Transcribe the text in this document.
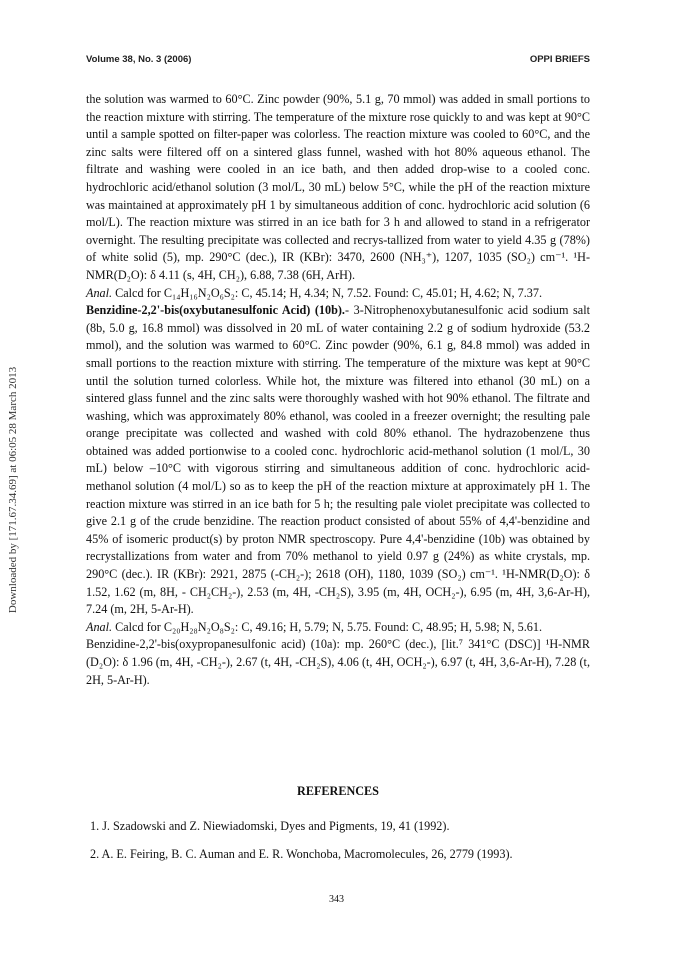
Volume 38, No. 3 (2006)	OPPI BRIEFS
Downloaded by [171.67.34.69] at 06:05 28 March 2013

the solution was warmed to 60°C. Zinc powder (90%, 5.1 g, 70 mmol) was added in small portions to the reaction mixture with stirring. The temperature of the mixture rose quickly to and was kept at 90°C until a sample spotted on filter-paper was colorless. The reaction mixture was cooled to 60°C, and the zinc salts were filtered off on a sintered glass funnel, washed with hot 80% aqueous ethanol. The filtrate and washing were cooled in an ice bath, and then added drop-wise to a cooled conc. hydrochloric acid/ethanol solution (3 mol/L, 30 mL) below 5°C, while the pH of the reaction mixture was maintained at approximately pH 1 by simultaneous addition of conc. hydrochloric acid solution (6 mol/L). The reaction mixture was stirred in an ice bath for 3 h and allowed to stand in a refrigerator overnight. The resulting precipitate was collected and recrys-tallized from water to yield 4.35 g (78%) of white solid (5), mp. 290°C (dec.), IR (KBr): 3470, 2600 (NH₃⁺), 1207, 1035 (SO₂) cm⁻¹. ¹H-NMR(D₂O): δ 4.11 (s, 4H, CH₂), 6.88, 7.38 (6H, ArH).

Anal. Calcd for C₁₄H₁₆N₂O₆S₂: C, 45.14; H, 4.34; N, 7.52. Found: C, 45.01; H, 4.62; N, 7.37.

Benzidine-2,2'-bis(oxybutanesulfonic Acid) (10b).- 3-Nitrophenoxybutanesulfonic acid sodium salt (8b, 5.0 g, 16.8 mmol) was dissolved in 20 mL of water containing 2.2 g of sodium hydroxide (53.2 mmol), and the solution was warmed to 60°C. Zinc powder (90%, 6.1 g, 84.8 mmol) was added in small portions to the reaction mixture with stirring. The temperature of the mixture was kept at 90°C until the solution turned colorless. While hot, the mixture was filtered into ethanol (30 mL) on a sintered glass funnel and the zinc salts were thoroughly washed with hot 90% ethanol. The filtrate and washing, which was approximately 80% ethanol, was cooled in a freezer overnight; the resulting pale orange precipitate was collected and washed with cold 80% ethanol. The hydrazobenzene thus obtained was added portionwise to a cooled conc. hydrochloric acid-methanol solution (1 mol/L, 30 mL) below –10°C with vigorous stirring and simultaneous addition of conc. hydrochloric acid-methanol solution (4 mol/L) so as to keep the pH of the reaction mixture at approximately pH 1. The reaction mixture was stirred in an ice bath for 5 h; the resulting pale violet precipitate was collected to give 2.1 g of the crude benzidine. The reaction product consisted of about 55% of 4,4'-benzidine and 45% of isomeric product(s) by proton NMR spectroscopy. Pure 4,4'-benzidine (10b) was obtained by recrystallizations from water and from 70% methanol to yield 0.97 g (24%) as white crystals, mp. 290°C (dec.). IR (KBr): 2921, 2875 (-CH₂-); 2618 (OH), 1180, 1039 (SO₂) cm⁻¹. ¹H-NMR(D₂O): δ 1.52, 1.62 (m, 8H, - CH₂CH₂-), 2.53 (m, 4H, -CH₂S), 3.95 (m, 4H, OCH₂-), 6.95 (m, 4H, 3,6-Ar-H), 7.24 (m, 2H, 5-Ar-H).

Anal. Calcd for C₂₀H₂₈N₂O₈S₂: C, 49.16; H, 5.79; N, 5.75. Found: C, 48.95; H, 5.98; N, 5.61.

Benzidine-2,2'-bis(oxypropanesulfonic acid) (10a): mp. 260°C (dec.), [lit.⁷ 341°C (DSC)] ¹H-NMR (D₂O): δ 1.96 (m, 4H, -CH₂-), 2.67 (t, 4H, -CH₂S), 4.06 (t, 4H, OCH₂-), 6.97 (t, 4H, 3,6-Ar-H), 7.28 (t, 2H, 5-Ar-H).

REFERENCES

1. J. Szadowski and Z. Niewiadomski, Dyes and Pigments, 19, 41 (1992).

2. A. E. Feiring, B. C. Auman and E. R. Wonchoba, Macromolecules, 26, 2779 (1993).

343
